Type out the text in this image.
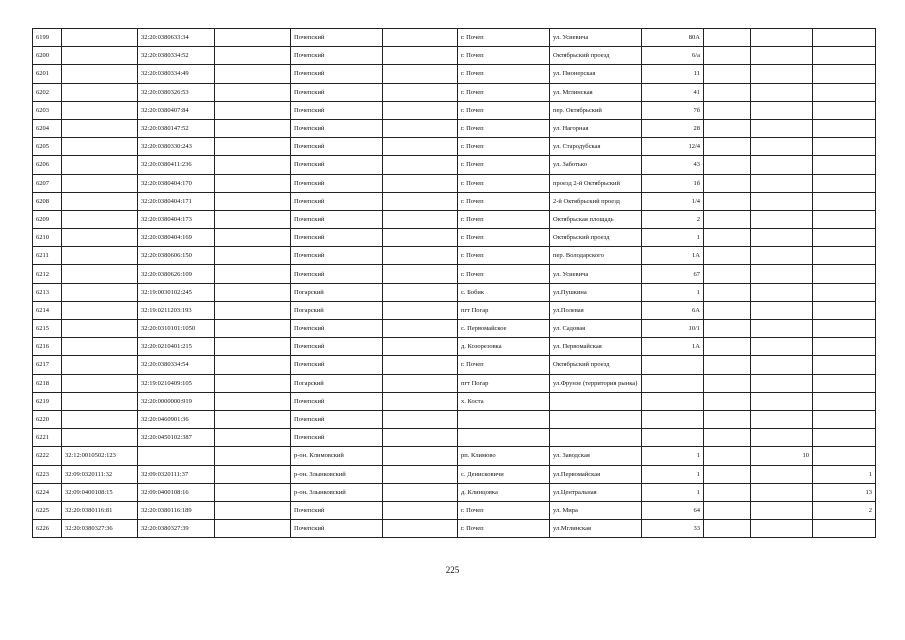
6199		32:20:0380633:34		Почепский		г. Почеп	ул. Усиевича	80А			
6200		32:20:0380334:52		Почепский		г. Почеп	Октябрьский проезд	6/а			
6201		32:20:0380334:49		Почепский		г. Почеп	ул. Пионерская	11			
6202		32:20:0380326:53		Почепский		г. Почеп	ул. Мглинская	41			
6203		32:20:0380407:84		Почепский		г. Почеп	пер. Октябрьский	7б			
6204		32:20:0380147:52		Почепский		г. Почеп	ул. Нагорная	28			
6205		32:20:0380330:243		Почепский		г. Почеп	ул. Стародубская	12/4			
6206		32:20:0380411:236		Почепский		г. Почеп	ул. Заботько	43			
6207		32:20:0380404:170		Почепский		г. Почеп	проезд 2-й Октябрьский	1б			
6208		32:20:0380404:171		Почепский		г. Почеп	2-й Октябрьский проезд	1/4			
6209		32:20:0380404:173		Почепский		г. Почеп	Октябрьская площадь	2			
6210		32:20:0380404:169		Почепский		г. Почеп	Октябрьский проезд	1			
6211		32:20:0380606:150		Почепский		г. Почеп	пер. Володарского	1А			
6212		32:20:0380626:109		Почепский		г. Почеп	ул. Усиевича	67			
6213		32:19:0030102:245		Погарский		с. Бобик	ул.Пушкина	1			
6214		32:19:0211203:193		Погарский		пгт Погар	ул.Полевая	6А			
6215		32:20:0310101:1050		Почепский		с. Первомайское	ул. Садовая	10/1			
6216		32:20:0210401:215		Почепский		д. Козорезовка	ул. Первомайская	1А			
6217		32:20:0380334:54		Почепский		г. Почеп	Октябрьский проезд				
6218		32:19:0210409:105		Погарский		пгт Погар	ул.Фрунзе (территория рынка)				
6219		32:20:0000000:919		Почепский		х. Коста					
6220		32:20:0460901:36		Почепский							
6221		32:20:0450102:387		Почепский							
6222	32:12:0010502:123			р-он. Климовский		рп. Климово	ул. Заводская	1		10	
6223	32:09:0320111:32	32:09:0320111:37		р-он. Злынковский		с. Денисковичи	ул.Первомайская	1			1
6224	32:09:0400108:15	32:09:0400108:16		р-он. Злынковский		д. Клинцовка	ул.Центральная	1			13
6225	32:20:0380116:81	32:20:0380116:189		Почепский		г. Почеп	ул. Мира	64			2
6226	32:20:0380327:36	32:20:0380327:39		Почепский		г. Почеп	ул.Мглинская	33			
225
